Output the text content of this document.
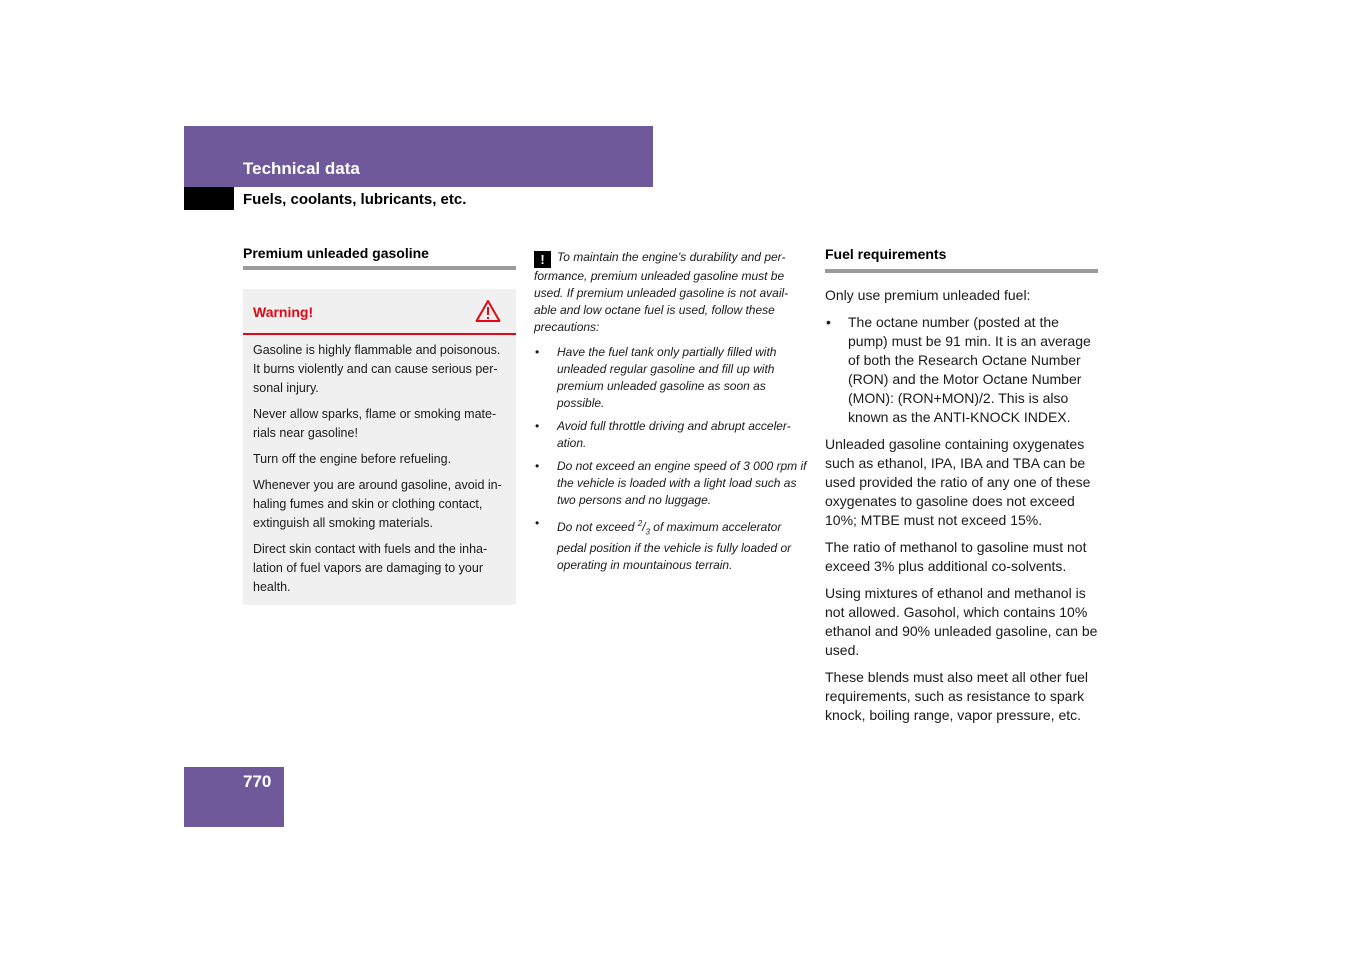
Technical data
Fuels, coolants, lubricants, etc.
Premium unleaded gasoline
Warning!

Gasoline is highly flammable and poisonous. It burns violently and can cause serious per-sonal injury.

Never allow sparks, flame or smoking mate-rials near gasoline!

Turn off the engine before refueling.

Whenever you are around gasoline, avoid in-haling fumes and skin or clothing contact, extinguish all smoking materials.

Direct skin contact with fuels and the inha-lation of fuel vapors are damaging to your health.

! To maintain the engine's durability and per-formance, premium unleaded gasoline must be used. If premium unleaded gasoline is not avail-able and low octane fuel is used, follow these precautions:

• Have the fuel tank only partially filled with unleaded regular gasoline and fill up with premium unleaded gasoline as soon as possible.
• Avoid full throttle driving and abrupt acceler-ation.
• Do not exceed an engine speed of 3 000 rpm if the vehicle is loaded with a light load such as two persons and no luggage.
• Do not exceed $^2/_3$ of maximum accelerator pedal position if the vehicle is fully loaded or operating in mountainous terrain.
Fuel requirements

Only use premium unleaded fuel:

• The octane number (posted at the pump) must be 91 min. It is an average of both the Research Octane Number (RON) and the Motor Octane Number (MON): (RON+MON)/2. This is also known as the ANTI-KNOCK INDEX.

Unleaded gasoline containing oxygenates such as ethanol, IPA, IBA and TBA can be used provided the ratio of any one of these oxygenates to gasoline does not exceed 10%; MTBE must not exceed 15%.

The ratio of methanol to gasoline must not exceed 3% plus additional co-solvents.

Using mixtures of ethanol and methanol is not allowed. Gasohol, which contains 10% ethanol and 90% unleaded gasoline, can be used.

These blends must also meet all other fuel requirements, such as resistance to spark knock, boiling range, vapor pressure, etc.

770
